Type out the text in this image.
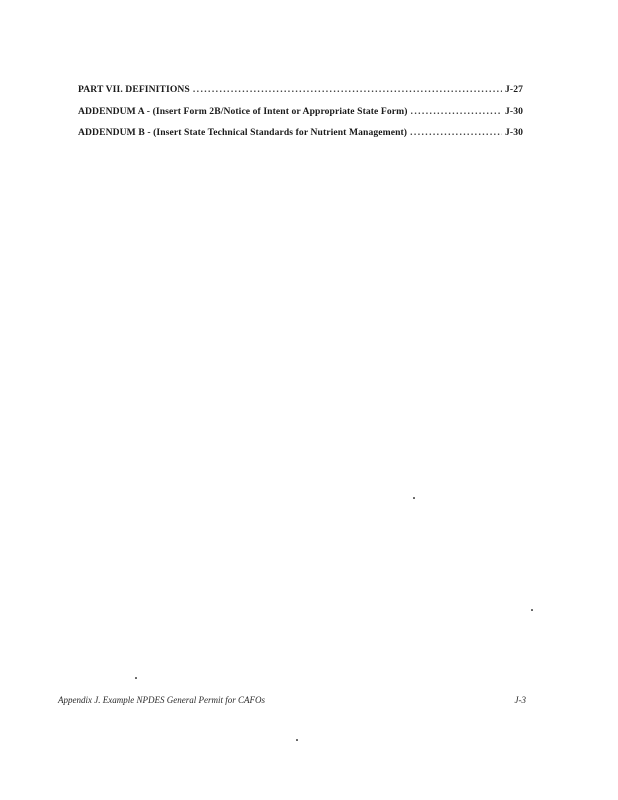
PART VII. DEFINITIONS . . .	J-27
ADDENDUM A - (Insert Form 2B/Notice of Intent or Appropriate State Form) . . .	J-30
ADDENDUM B - (Insert State Technical Standards for Nutrient Management) . . .	J-30
Appendix J. Example NPDES General Permit for CAFOs	J-3
